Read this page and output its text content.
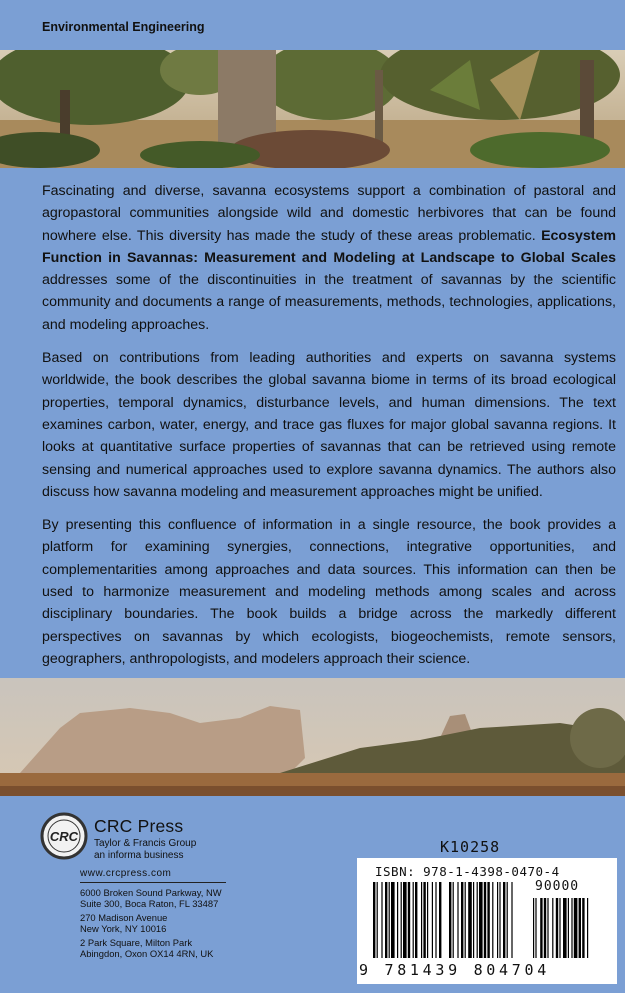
Environmental Engineering

Fascinating and diverse, savanna ecosystems support a combination of pastoral and agropastoral communities alongside wild and domestic herbivores that can be found nowhere else. This diversity has made the study of these areas problematic. Ecosystem Function in Savannas: Measurement and Modeling at Landscape to Global Scales addresses some of the discontinuities in the treatment of savannas by the scientific community and documents a range of measurements, methods, technologies, applications, and modeling approaches.

Based on contributions from leading authorities and experts on savanna systems worldwide, the book describes the global savanna biome in terms of its broad ecological properties, temporal dynamics, disturbance levels, and human dimensions. The text examines carbon, water, energy, and trace gas fluxes for major global savanna regions. It looks at quantitative surface properties of savannas that can be retrieved using remote sensing and numerical approaches used to explore savanna dynamics. The authors also discuss how savanna modeling and measurement approaches might be unified.

By presenting this confluence of information in a single resource, the book provides a platform for examining synergies, connections, integrative opportunities, and complementarities among approaches and data sources. This information can then be used to harmonize measurement and modeling methods among scales and across disciplinary boundaries. The book builds a bridge across the markedly different perspectives on savannas by which ecologists, biogeochemists, remote sensors, geographers, anthropologists, and modelers approach their science.

CRC
CRC Press
Taylor & Francis Group
an informa business
www.crcpress.com
6000 Broken Sound Parkway, NW
Suite 300, Boca Raton, FL 33487
270 Madison Avenue
New York, NY 10016
2 Park Square, Milton Park
Abingdon, Oxon OX14 4RN, UK
K10258
ISBN: 978-1-4398-0470-4
90000
9 781439 804704
